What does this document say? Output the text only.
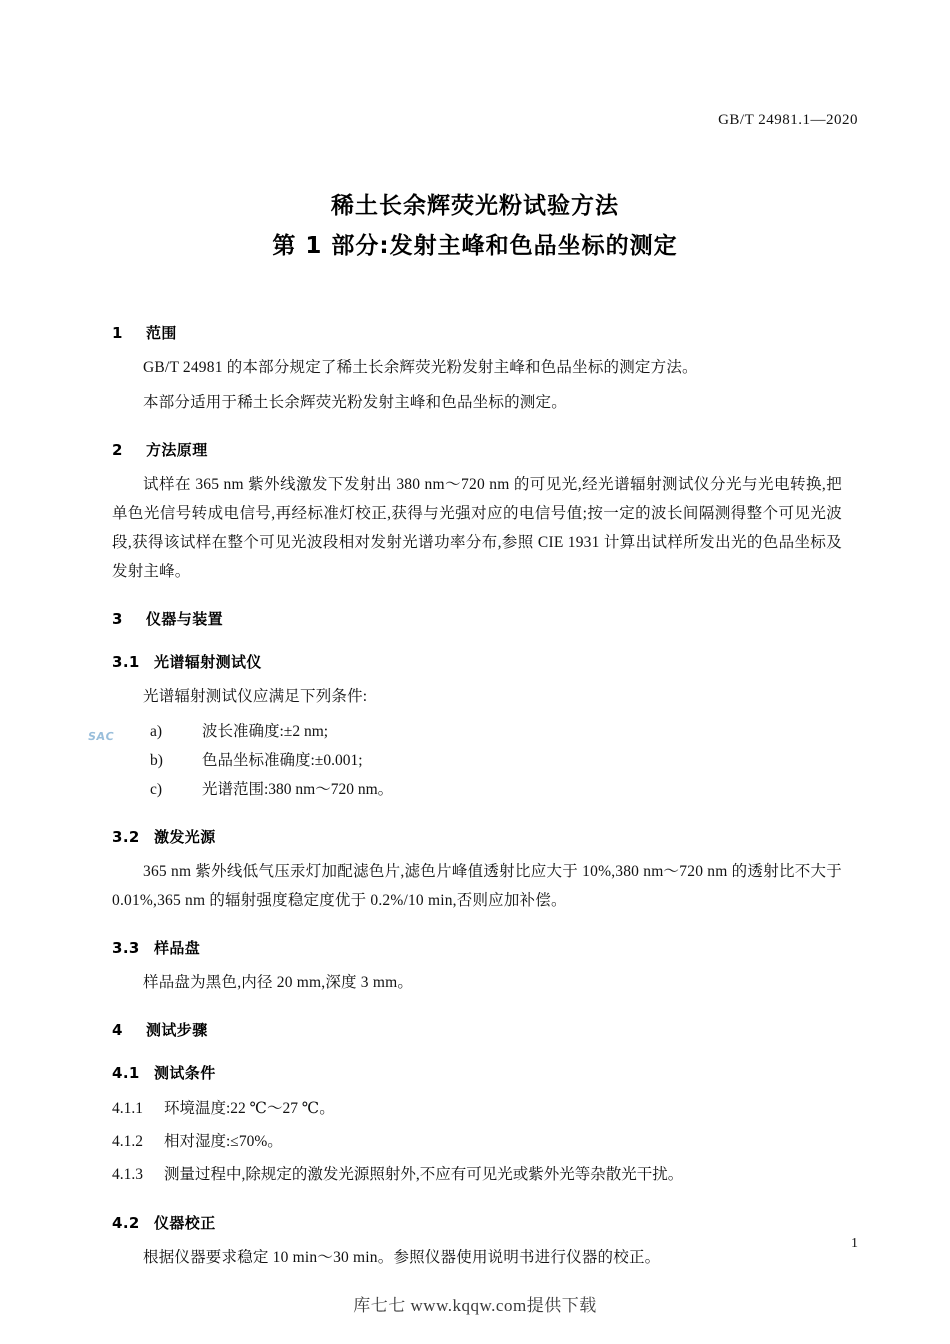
GB/T 24981.1—2020
稀土长余辉荧光粉试验方法
第 1 部分:发射主峰和色品坐标的测定
1 范围

GB/T 24981 的本部分规定了稀土长余辉荧光粉发射主峰和色品坐标的测定方法。

本部分适用于稀土长余辉荧光粉发射主峰和色品坐标的测定。

2 方法原理

试样在 365 nm 紫外线激发下发射出 380 nm～720 nm 的可见光,经光谱辐射测试仪分光与光电转换,把单色光信号转成电信号,再经标准灯校正,获得与光强对应的电信号值;按一定的波长间隔测得整个可见光波段,获得该试样在整个可见光波段相对发射光谱功率分布,参照 CIE 1931 计算出试样所发出光的色品坐标及发射主峰。

3 仪器与装置
3.1 光谱辐射测试仪

光谱辐射测试仪应满足下列条件:

a)	波长准确度:±2 nm;
b)	色品坐标准确度:±0.001;
c)	光谱范围:380 nm～720 nm。
3.2 激发光源

365 nm 紫外线低气压汞灯加配滤色片,滤色片峰值透射比应大于 10%,380 nm～720 nm 的透射比不大于 0.01%,365 nm 的辐射强度稳定度优于 0.2%/10 min,否则应加补偿。

3.3 样品盘

样品盘为黑色,内径 20 mm,深度 3 mm。

4 测试步骤
4.1 测试条件
4.1.1	环境温度:22 ℃～27 ℃。
4.1.2	相对湿度:≤70%。
4.1.3	测量过程中,除规定的激发光源照射外,不应有可见光或紫外光等杂散光干扰。
4.2 仪器校正

根据仪器要求稳定 10 min～30 min。参照仪器使用说明书进行仪器的校正。

SAC
1
库七七 www.kqqw.com提供下载
